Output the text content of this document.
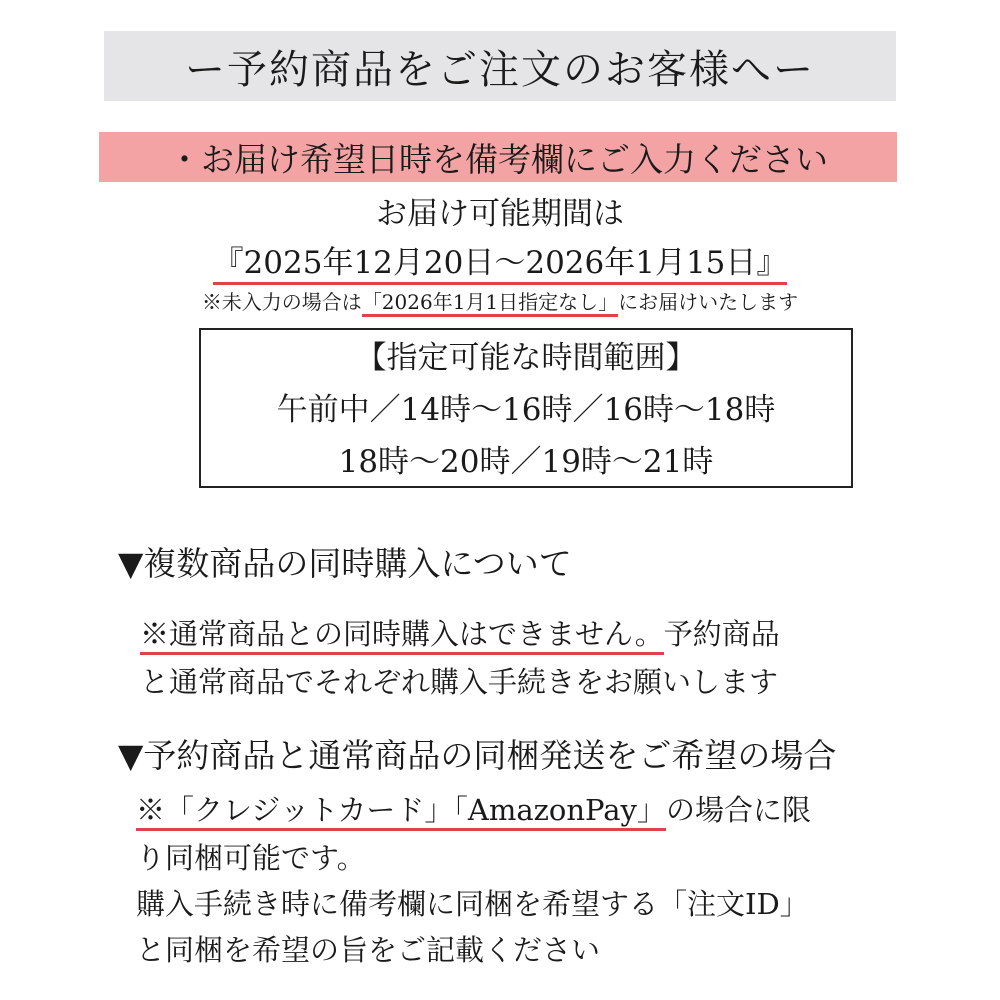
ー予約商品をご注文のお客様へー
・お届け希望日時を備考欄にご入力ください
お届け可能期間は
『2025年12月20日～2026年1月15日』
※未入力の場合は「2026年1月1日指定なし」にお届けいたします
【指定可能な時間範囲】
午前中／14時～16時／16時～18時
18時～20時／19時～21時
▼複数商品の同時購入について
※通常商品との同時購入はできません。予約商品
と通常商品でそれぞれ購入手続きをお願いします
▼予約商品と通常商品の同梱発送をご希望の場合
※「クレジットカード」「AmazonPay」の場合に限
り同梱可能です。
購入手続き時に備考欄に同梱を希望する「注文ID」
と同梱を希望の旨をご記載ください
